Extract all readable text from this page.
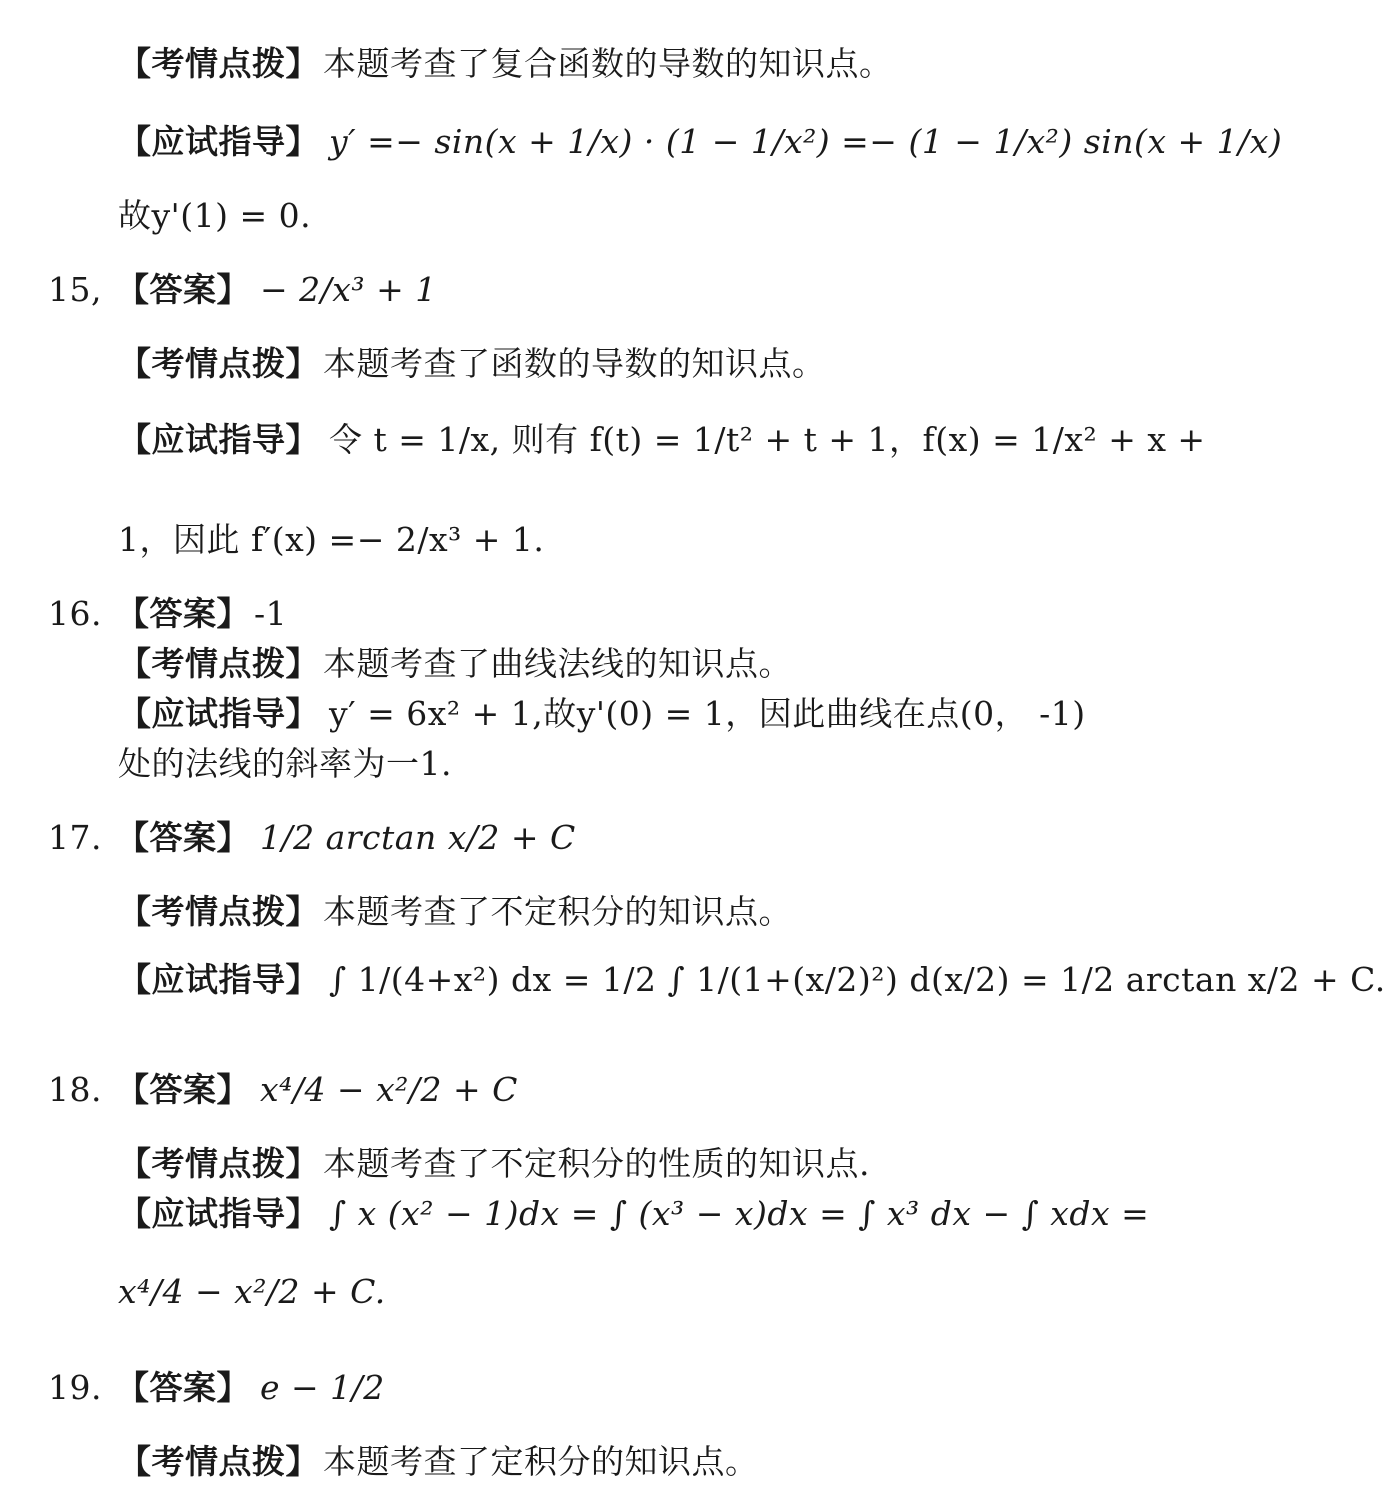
【考情点拨】 本题考查了复合函数的导数的知识点。
【应试指导】 y′ =− sin(x + 1/x) · (1 − 1/x²) =− (1 − 1/x²) sin(x + 1/x)
故y'(1) = 0.
15, 【答案】 − 2/x³ + 1
【考情点拨】 本题考查了函数的导数的知识点。
【应试指导】 令 t = 1/x, 则有 f(t) = 1/t² + t + 1，f(x) = 1/x² + x +
1，因此 f′(x) =− 2/x³ + 1.
16. 【答案】 -1
【考情点拨】 本题考查了曲线法线的知识点。
【应试指导】 y′ = 6x² + 1,故y'(0) = 1，因此曲线在点(0， -1)
处的法线的斜率为一1.
17. 【答案】 1/2 arctan x/2 + C
【考情点拨】 本题考查了不定积分的知识点。
【应试指导】 ∫ 1/(4+x²) dx = 1/2 ∫ 1/(1+(x/2)²) d(x/2) = 1/2 arctan x/2 + C.
18. 【答案】 x⁴/4 − x²/2 + C
【考情点拨】 本题考查了不定积分的性质的知识点.
【应试指导】 ∫ x (x² − 1)dx = ∫ (x³ − x)dx = ∫ x³ dx − ∫ xdx =
x⁴/4 − x²/2 + C.
19. 【答案】 e − 1/2
【考情点拨】 本题考查了定积分的知识点。
